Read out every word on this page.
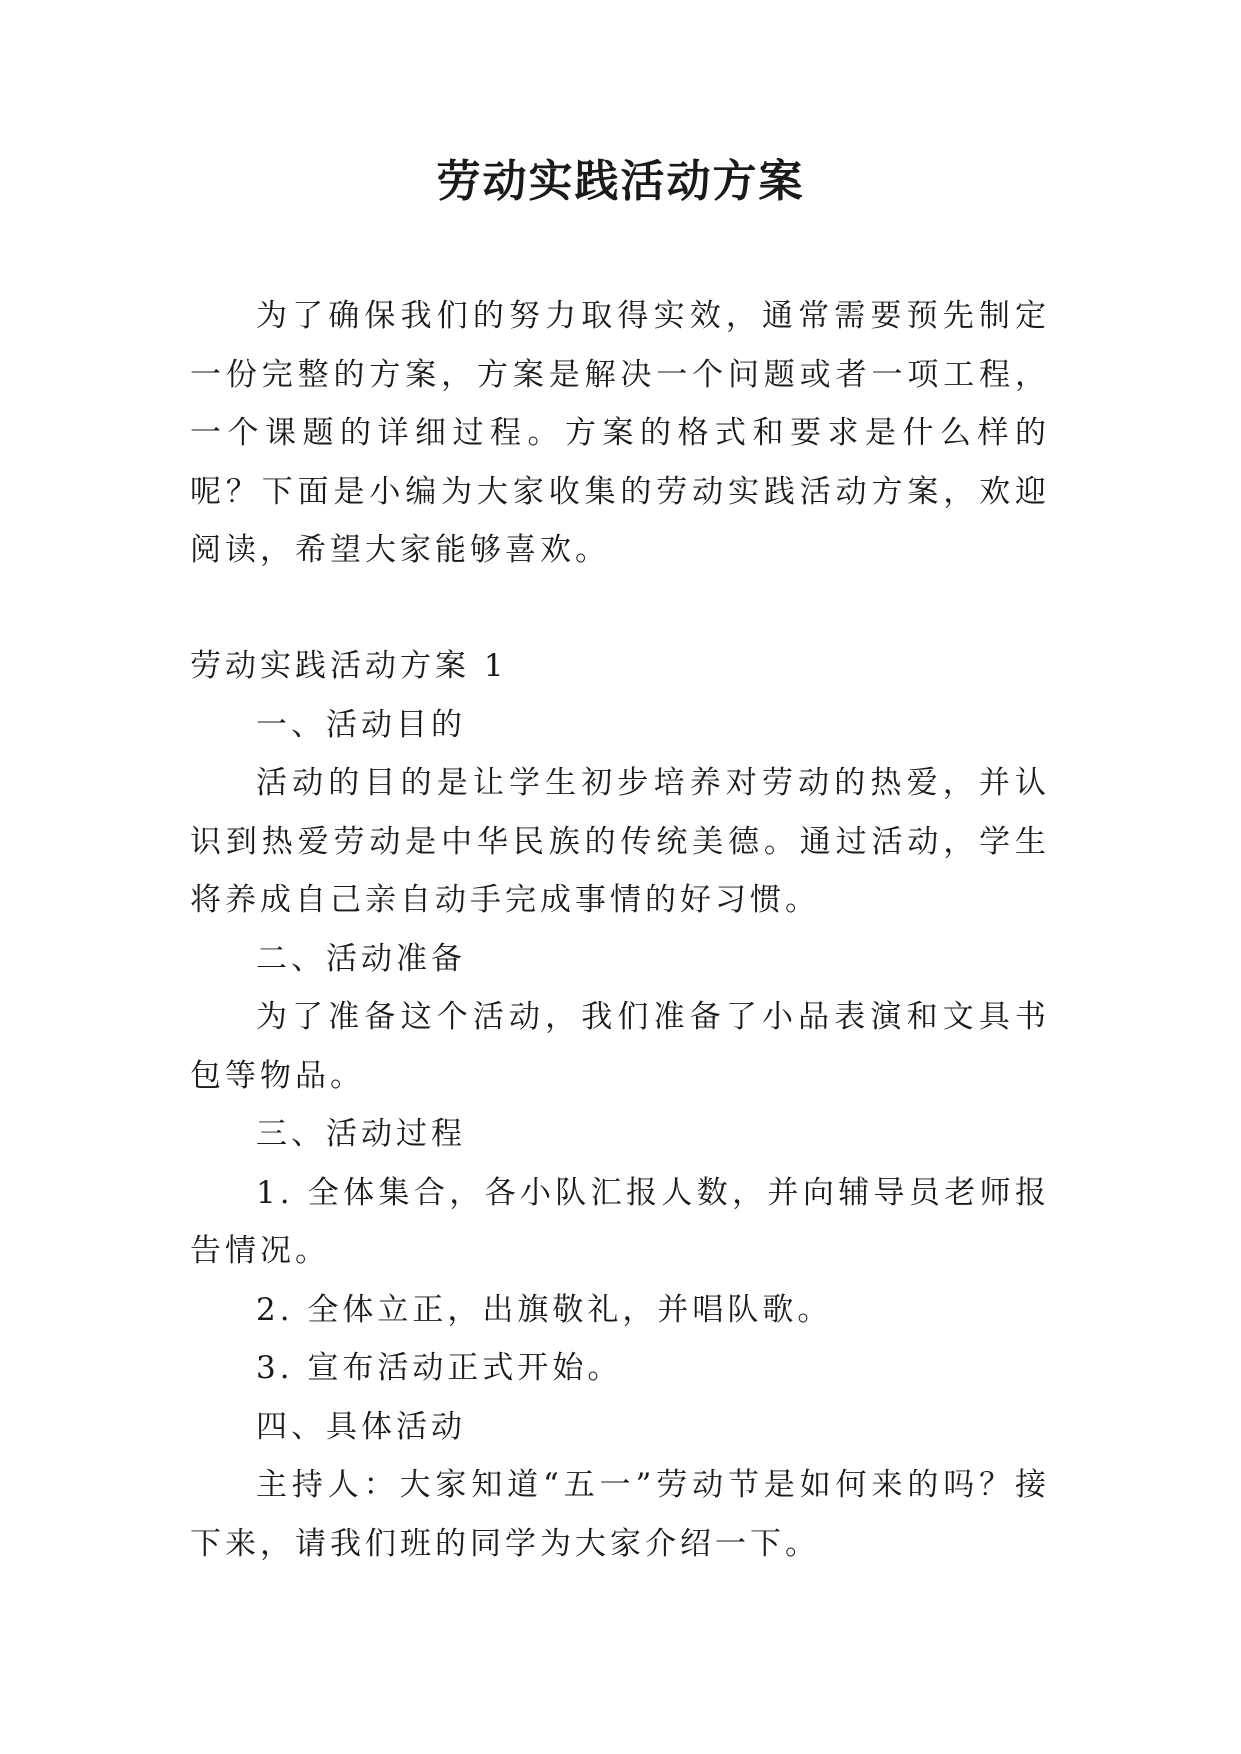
劳动实践活动方案

为了确保我们的努力取得实效，通常需要预先制定一份完整的方案，方案是解决一个问题或者一项工程，一个课题的详细过程。方案的格式和要求是什么样的呢？下面是小编为大家收集的劳动实践活动方案，欢迎阅读，希望大家能够喜欢。

劳动实践活动方案 1

一、活动目的

活动的目的是让学生初步培养对劳动的热爱，并认识到热爱劳动是中华民族的传统美德。通过活动，学生将养成自己亲自动手完成事情的好习惯。

二、活动准备

为了准备这个活动，我们准备了小品表演和文具书包等物品。

三、活动过程

1. 全体集合，各小队汇报人数，并向辅导员老师报告情况。

2. 全体立正，出旗敬礼，并唱队歌。

3. 宣布活动正式开始。

四、具体活动

主持人：大家知道“五一”劳动节是如何来的吗？接下来，请我们班的同学为大家介绍一下。
